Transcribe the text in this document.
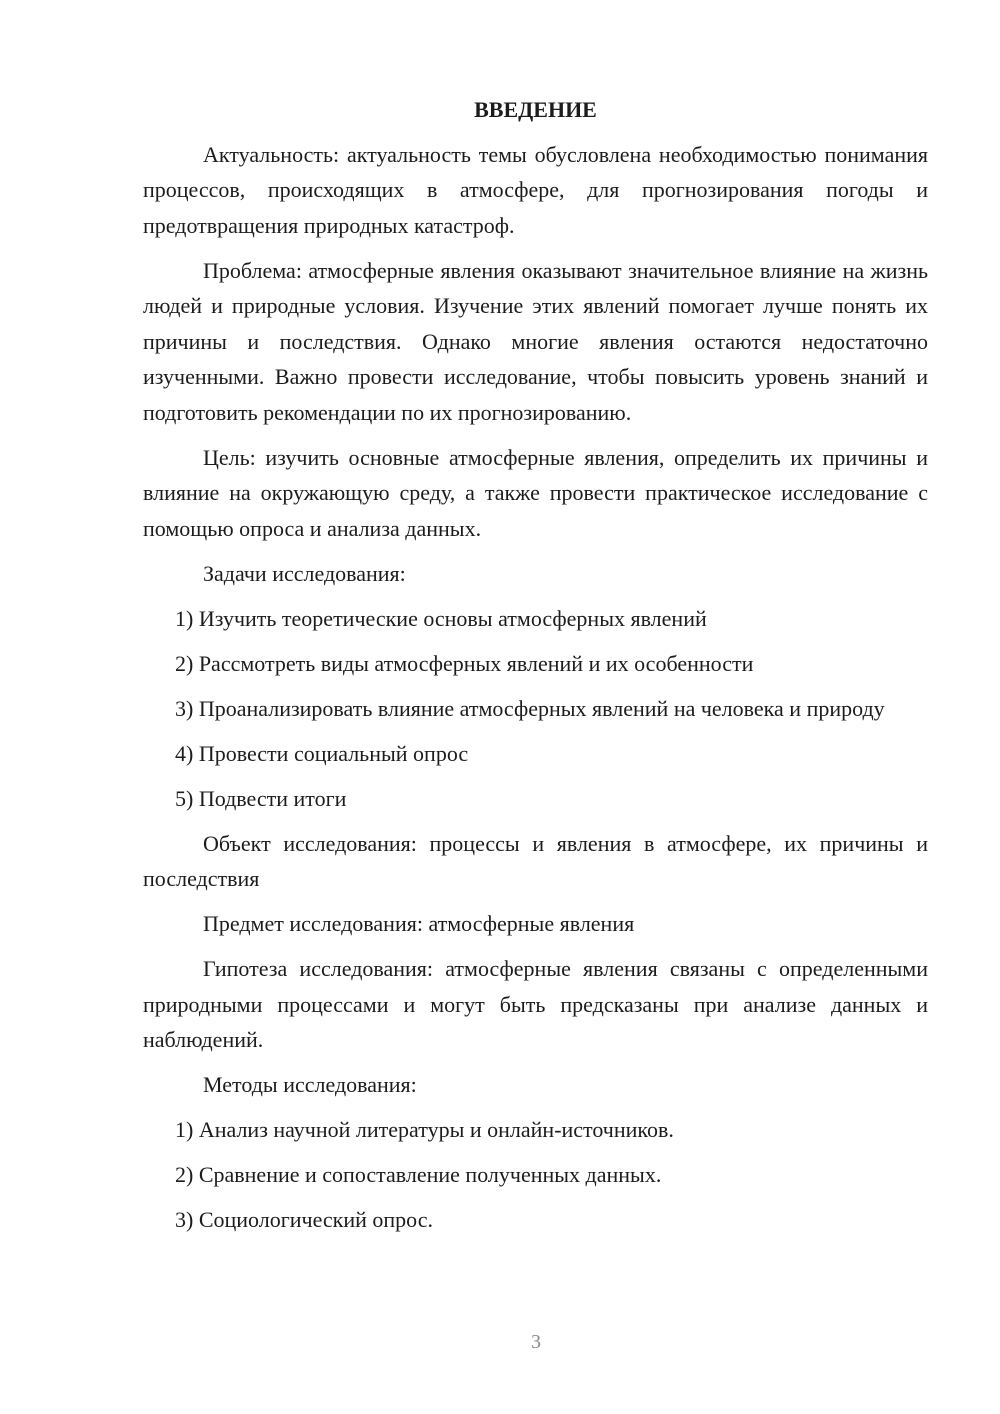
ВВЕДЕНИЕ

Актуальность: актуальность темы обусловлена необходимостью понимания процессов, происходящих в атмосфере, для прогнозирования погоды и предотвращения природных катастроф.

Проблема: атмосферные явления оказывают значительное влияние на жизнь людей и природные условия. Изучение этих явлений помогает лучше понять их причины и последствия. Однако многие явления остаются недостаточно изученными. Важно провести исследование, чтобы повысить уровень знаний и подготовить рекомендации по их прогнозированию.

Цель: изучить основные атмосферные явления, определить их причины и влияние на окружающую среду, а также провести практическое исследование с помощью опроса и анализа данных.

Задачи исследования:

1) Изучить теоретические основы атмосферных явлений

2) Рассмотреть виды атмосферных явлений и их особенности

3) Проанализировать влияние атмосферных явлений на человека и природу

4) Провести социальный опрос

5) Подвести итоги

Объект исследования: процессы и явления в атмосфере, их причины и последствия

Предмет исследования: атмосферные явления

Гипотеза исследования: атмосферные явления связаны с определенными природными процессами и могут быть предсказаны при анализе данных и наблюдений.

Методы исследования:

1) Анализ научной литературы и онлайн-источников.

2) Сравнение и сопоставление полученных данных.

3) Социологический опрос.

3
